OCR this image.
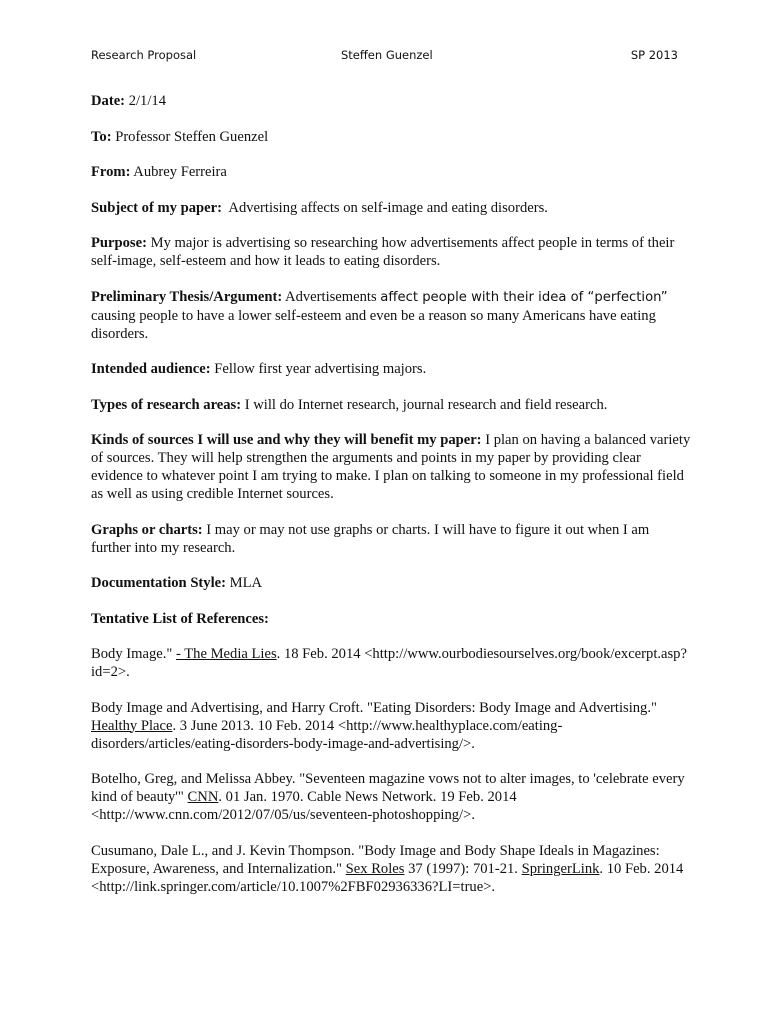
Research Proposal	Steffen Guenzel	SP 2013

Date: 2/1/14

To: Professor Steffen Guenzel

From: Aubrey Ferreira

Subject of my paper:  Advertising affects on self-image and eating disorders.

Purpose: My major is advertising so researching how advertisements affect people in terms of their self-image, self-esteem and how it leads to eating disorders.

Preliminary Thesis/Argument: Advertisements affect people with their idea of “perfection” causing people to have a lower self-esteem and even be a reason so many Americans have eating disorders.

Intended audience: Fellow first year advertising majors.

Types of research areas: I will do Internet research, journal research and field research.

Kinds of sources I will use and why they will benefit my paper: I plan on having a balanced variety of sources. They will help strengthen the arguments and points in my paper by providing clear evidence to whatever point I am trying to make. I plan on talking to someone in my professional field as well as using credible Internet sources.

Graphs or charts: I may or may not use graphs or charts. I will have to figure it out when I am further into my research.

Documentation Style: MLA

Tentative List of References:

Body Image." - The Media Lies. 18 Feb. 2014 <http://www.ourbodiesourselves.org/book/excerpt.asp?id=2>.

Body Image and Advertising, and Harry Croft. "Eating Disorders: Body Image and Advertising." Healthy Place. 3 June 2013. 10 Feb. 2014 <http://www.healthyplace.com/eating-disorders/articles/eating-disorders-body-image-and-advertising/>.

Botelho, Greg, and Melissa Abbey. "Seventeen magazine vows not to alter images, to 'celebrate every kind of beauty'" CNN. 01 Jan. 1970. Cable News Network. 19 Feb. 2014 <http://www.cnn.com/2012/07/05/us/seventeen-photoshopping/>.

Cusumano, Dale L., and J. Kevin Thompson. "Body Image and Body Shape Ideals in Magazines: Exposure, Awareness, and Internalization." Sex Roles 37 (1997): 701-21. SpringerLink. 10 Feb. 2014 <http://link.springer.com/article/10.1007%2FBF02936336?LI=true>.
